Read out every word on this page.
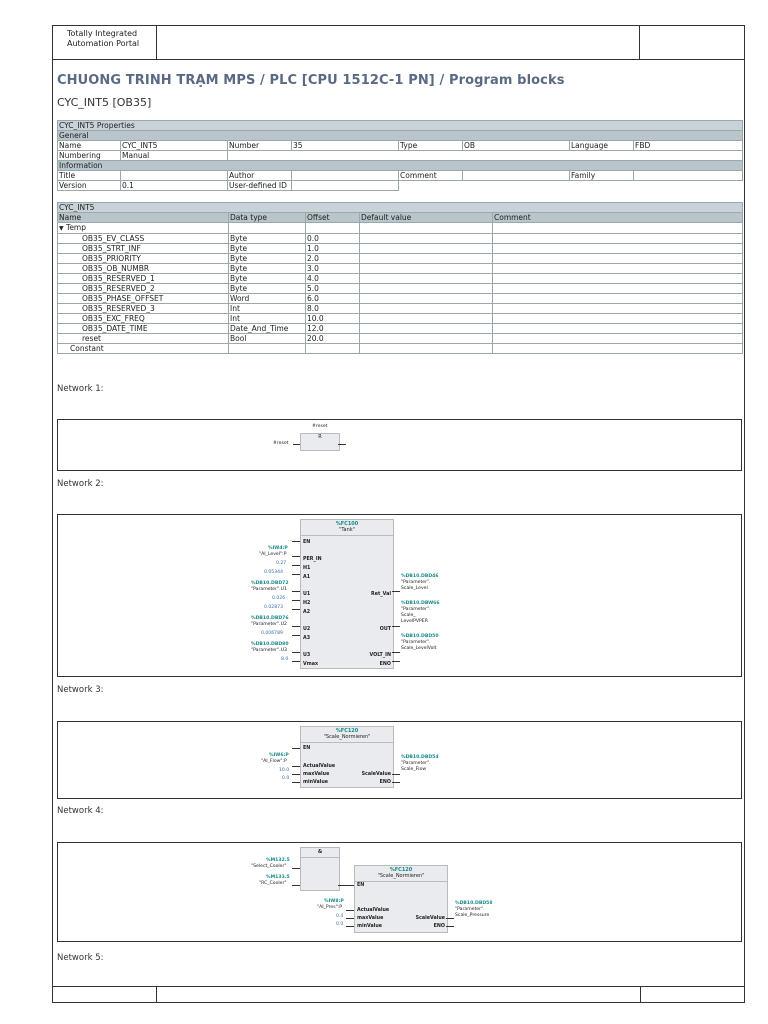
Totally Integrated
Automation Portal
CHUONG TRINH TRẠM MPS / PLC [CPU 1512C-1 PN] / Program blocks
CYC_INT5 [OB35]
CYC_INT5 Properties							
General							
Name	CYC_INT5	Number	35	Type	OB	Language	FBD
Numbering	Manual						
Information							
Title		Author		Comment		Family	
Version	0.1	User-defined ID					
CYC_INT5				
Name	Data type	Offset	Default value	Comment
▼ Temp				
OB35_EV_CLASS	Byte	0.0		
OB35_STRT_INF	Byte	1.0		
OB35_PRIORITY	Byte	2.0		
OB35_OB_NUMBR	Byte	3.0		
OB35_RESERVED_1	Byte	4.0		
OB35_RESERVED_2	Byte	5.0		
OB35_PHASE_OFFSET	Word	6.0		
OB35_RESERVED_3	Int	8.0		
OB35_EXC_FREQ	Int	10.0		
OB35_DATE_TIME	Date_And_Time	12.0		
reset	Bool	20.0		
Constant				
Network 1:
#reset
R
#reset
Network 2:
%FC100
"Tank"
EN
PER_IN
H1
A1
U1
H2
A2
U2
A3
U3
Vmax
Ret_Val
OUT
VOLT_IN
ENO
...
%IW4:P
"AI_Level":P
0.27
0.05344
%DB10.DBD72
"Parameter".U1
0.026
0.02873
%DB10.DBD76
"Parameter".U2
0.006789
%DB10.DBD80
"Parameter".U3
8.0
%DB10.DBD46
"Parameter".
Scale_Level
%DB10.DBW66
"Parameter".
Scale_
LevelPVPER
%DB10.DBD50
"Parameter".
Scale_LevelVolt
Network 3:
%FC120
"Scale_Normieren"
EN
ActualValue
maxValue
minValue
ScaleValue
ENO
%IW6:P
"AI_Flow":P
10.0
0.0
%DB10.DBD54
"Parameter".
Scale_Flow
Network 4:
&
%M132.5
"Select_Cooler"
%M133.5
"RC_Cooler"
%FC120
"Scale_Normieren"
EN
ActualValue
maxValue
minValue
ScaleValue
ENO
%IW8:P
"AI_Pres":P
0.4
0.0
%DB10.DBD58
"Parameter".
Scale_Pressure
Network 5:
